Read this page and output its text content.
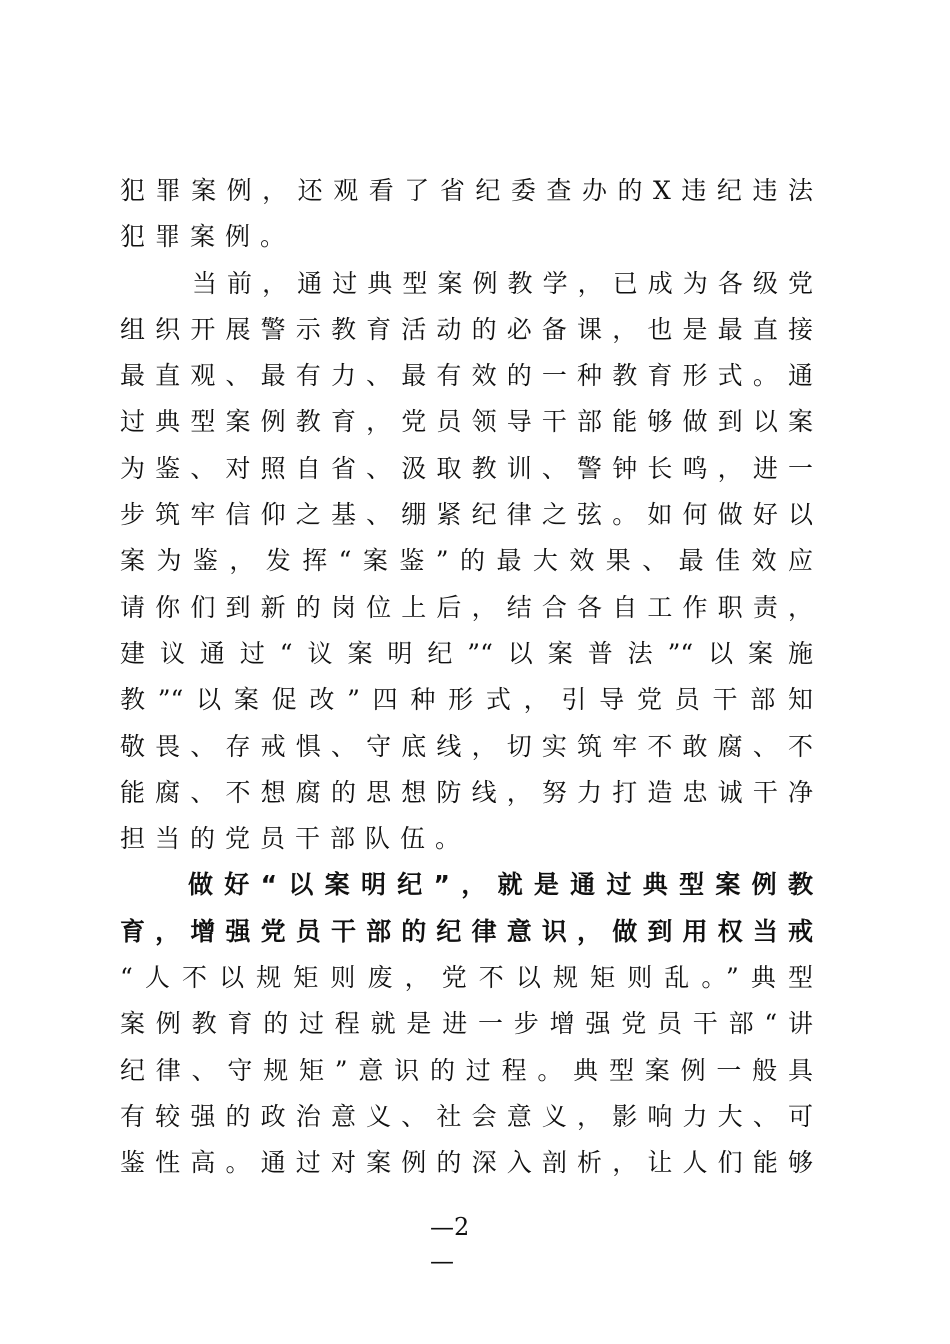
犯罪案例，还观看了省纪委查办的X违纪违法
犯罪案例。
当前，通过典型案例教学，已成为各级党
组织开展警示教育活动的必备课，也是最直接
最直观、最有力、最有效的一种教育形式。通
过典型案例教育，党员领导干部能够做到以案
为鉴、对照自省、汲取教训、警钟长鸣，进一
步筑牢信仰之基、绷紧纪律之弦。如何做好以
案为鉴，发挥“案鉴”的最大效果、最佳效应
请你们到新的岗位上后，结合各自工作职责，
建议通过“议案明纪”“以案普法”“以案施
教”“以案促改”四种形式，引导党员干部知
敬畏、存戒惧、守底线，切实筑牢不敢腐、不
能腐、不想腐的思想防线，努力打造忠诚干净
担当的党员干部队伍。
做好“以案明纪”，就是通过典型案例教
育，增强党员干部的纪律意识，做到用权当戒
“人不以规矩则废，党不以规矩则乱。”典型
案例教育的过程就是进一步增强党员干部“讲
纪律、守规矩”意识的过程。典型案例一般具
有较强的政治意义、社会意义，影响力大、可
鉴性高。通过对案例的深入剖析，让人们能够
—2
—
